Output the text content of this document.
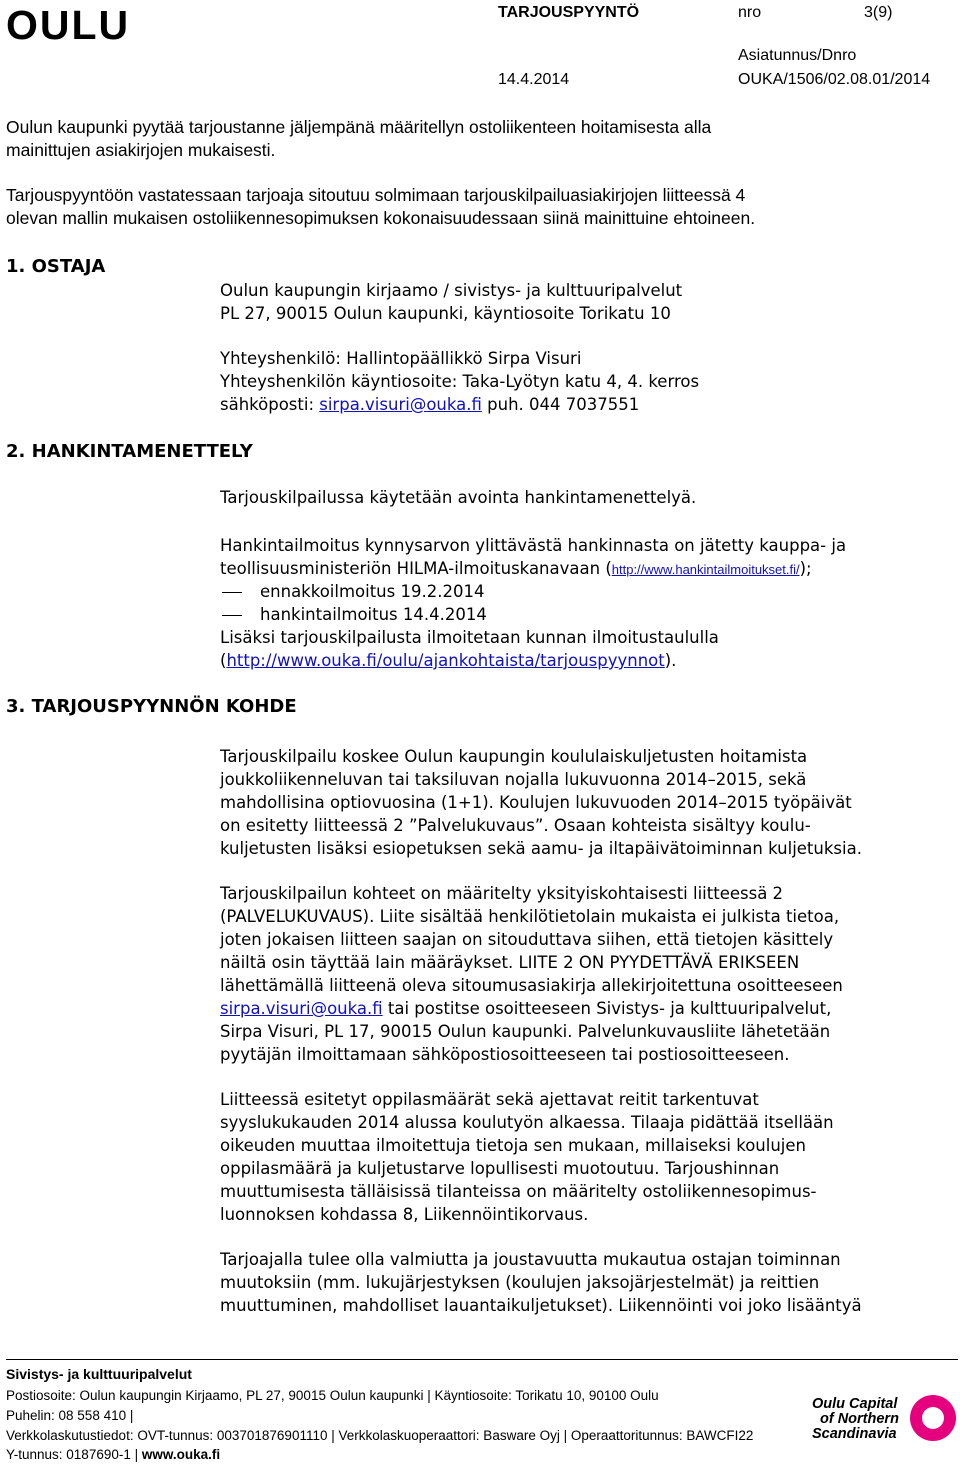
OULU	TARJOUSPYYNTÖ	nro	3(9)
Asiatunnus/Dnro
14.4.2014	OUKA/1506/02.08.01/2014
Oulun kaupunki pyytää tarjoustanne jäljempänä määritellyn ostoliikenteen hoitamisesta alla
mainittujen asiakirjojen mukaisesti.
Tarjouspyyntöön vastatessaan tarjoaja sitoutuu solmimaan tarjouskilpailuasiakirjojen liitteessä 4
olevan mallin mukaisen ostoliikennesopimuksen kokonaisuudessaan siinä mainittuine ehtoineen.
1. OSTAJA
Oulun kaupungin kirjaamo / sivistys- ja kulttuuripalvelut
PL 27, 90015 Oulun kaupunki, käyntiosoite Torikatu 10
Yhteyshenkilö: Hallintopäällikkö Sirpa Visuri
Yhteyshenkilön käyntiosoite: Taka-Lyötyn katu 4, 4. kerros
sähköposti: sirpa.visuri@ouka.fi puh. 044 7037551
2. HANKINTAMENETTELY
Tarjouskilpailussa käytetään avointa hankintamenettelyä.
Hankintailmoitus kynnysarvon ylittävästä hankinnasta on jätetty kauppa- ja
teollisuusministeriön HILMA-ilmoituskanavaan (http://www.hankintailmoitukset.fi/);
ennakkoilmoitus 19.2.2014
hankintailmoitus 14.4.2014
Lisäksi tarjouskilpailusta ilmoitetaan kunnan ilmoitustaululla
(http://www.ouka.fi/oulu/ajankohtaista/tarjouspyynnot).
3. TARJOUSPYYNNÖN KOHDE
Tarjouskilpailu koskee Oulun kaupungin koululaiskuljetusten hoitamista
joukkoliikenneluvan tai taksiluvan nojalla lukuvuonna 2014–2015, sekä
mahdollisina optiovuosina (1+1). Koulujen lukuvuoden 2014–2015 työpäivät
on esitetty liitteessä 2 ”Palvelukuvaus”. Osaan kohteista sisältyy koulu-
kuljetusten lisäksi esiopetuksen sekä aamu- ja iltapäivätoiminnan kuljetuksia.
Tarjouskilpailun kohteet on määritelty yksityiskohtaisesti liitteessä 2
(PALVELUKUVAUS). Liite sisältää henkilötietolain mukaista ei julkista tietoa,
joten jokaisen liitteen saajan on sitouduttava siihen, että tietojen käsittely
näiltä osin täyttää lain määräykset. LIITE 2 ON PYYDETTÄVÄ ERIKSEEN
lähettämällä liitteenä oleva sitoumusasiakirja allekirjoitettuna osoitteeseen
sirpa.visuri@ouka.fi tai postitse osoitteeseen Sivistys- ja kulttuuripalvelut,
Sirpa Visuri, PL 17, 90015 Oulun kaupunki. Palvelunkuvausliite lähetetään
pyytäjän ilmoittamaan sähköpostiosoitteeseen tai postiosoitteeseen.
Liitteessä esitetyt oppilasmäärät sekä ajettavat reitit tarkentuvat
syyslukukauden 2014 alussa koulutyön alkaessa. Tilaaja pidättää itsellään
oikeuden muuttaa ilmoitettuja tietoja sen mukaan, millaiseksi koulujen
oppilasmäärä ja kuljetustarve lopullisesti muotoutuu. Tarjoushinnan
muuttumisesta tälläisissä tilanteissa on määritelty ostoliikennesopimus-
luonnoksen kohdassa 8, Liikennöintikorvaus.
Tarjoajalla tulee olla valmiutta ja joustavuutta mukautua ostajan toiminnan
muutoksiin (mm. lukujärjestyksen (koulujen jaksojärjestelmät) ja reittien
muuttuminen, mahdolliset lauantaikuljetukset). Liikennöinti voi joko lisääntyä
Sivistys- ja kulttuuripalvelut
Postiosoite: Oulun kaupungin Kirjaamo, PL 27, 90015 Oulun kaupunki | Käyntiosoite: Torikatu 10, 90100 Oulu
Puhelin: 08 558 410 |
Verkkolaskutustiedot: OVT-tunnus: 003701876901110 | Verkkolaskuoperaattori: Basware Oyj | Operaattoritunnus: BAWCFI22
Y-tunnus: 0187690-1 | www.ouka.fi
Oulu Capital
of Northern
Scandinavia
